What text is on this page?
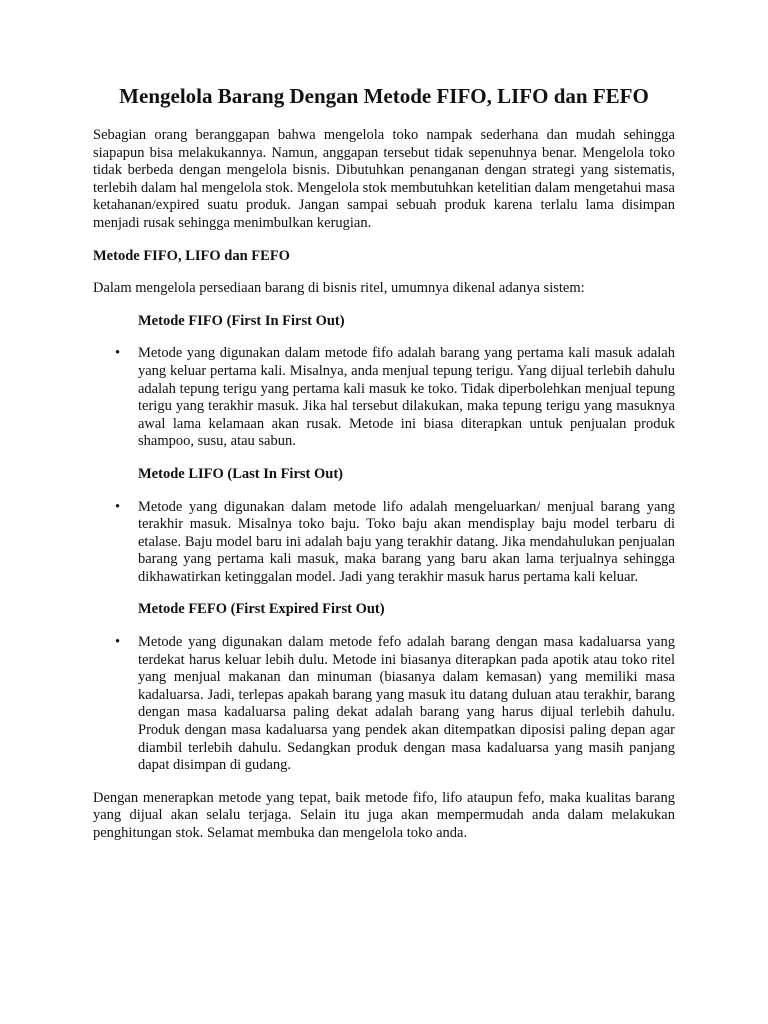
Mengelola Barang Dengan Metode FIFO, LIFO dan FEFO

Sebagian orang beranggapan bahwa mengelola toko nampak sederhana dan mudah sehingga siapapun bisa melakukannya. Namun, anggapan tersebut tidak sepenuhnya benar. Mengelola toko tidak berbeda dengan mengelola bisnis. Dibutuhkan penanganan dengan strategi yang sistematis, terlebih dalam hal mengelola stok. Mengelola stok membutuhkan ketelitian dalam mengetahui masa ketahanan/expired suatu produk. Jangan sampai sebuah produk karena terlalu lama disimpan menjadi rusak sehingga menimbulkan kerugian.

Metode FIFO, LIFO dan FEFO

Dalam mengelola persediaan barang di bisnis ritel, umumnya dikenal adanya sistem:

Metode FIFO (First In First Out)
• Metode yang digunakan dalam metode fifo adalah barang yang pertama kali masuk adalah yang keluar pertama kali. Misalnya, anda menjual tepung terigu. Yang dijual terlebih dahulu adalah tepung terigu yang pertama kali masuk ke toko. Tidak diperbolehkan menjual tepung terigu yang terakhir masuk. Jika hal tersebut dilakukan, maka tepung terigu yang masuknya awal lama kelamaan akan rusak. Metode ini biasa diterapkan untuk penjualan produk shampoo, susu, atau sabun.

Metode LIFO (Last In First Out)
• Metode yang digunakan dalam metode lifo adalah mengeluarkan/ menjual barang yang terakhir masuk. Misalnya toko baju. Toko baju akan mendisplay baju model terbaru di etalase. Baju model baru ini adalah baju yang terakhir datang. Jika mendahulukan penjualan barang yang pertama kali masuk, maka barang yang baru akan lama terjualnya sehingga dikhawatirkan ketinggalan model. Jadi yang terakhir masuk harus pertama kali keluar.

Metode FEFO (First Expired First Out)
• Metode yang digunakan dalam metode fefo adalah barang dengan masa kadaluarsa yang terdekat harus keluar lebih dulu. Metode ini biasanya diterapkan pada apotik atau toko ritel yang menjual makanan dan minuman (biasanya dalam kemasan) yang memiliki masa kadaluarsa. Jadi, terlepas apakah barang yang masuk itu datang duluan atau terakhir, barang dengan masa kadaluarsa paling dekat adalah barang yang harus dijual terlebih dahulu. Produk dengan masa kadaluarsa yang pendek akan ditempatkan diposisi paling depan agar diambil terlebih dahulu. Sedangkan produk dengan masa kadaluarsa yang masih panjang dapat disimpan di gudang.

Dengan menerapkan metode yang tepat, baik metode fifo, lifo ataupun fefo, maka kualitas barang yang dijual akan selalu terjaga. Selain itu juga akan mempermudah anda dalam melakukan penghitungan stok. Selamat membuka dan mengelola toko anda.
